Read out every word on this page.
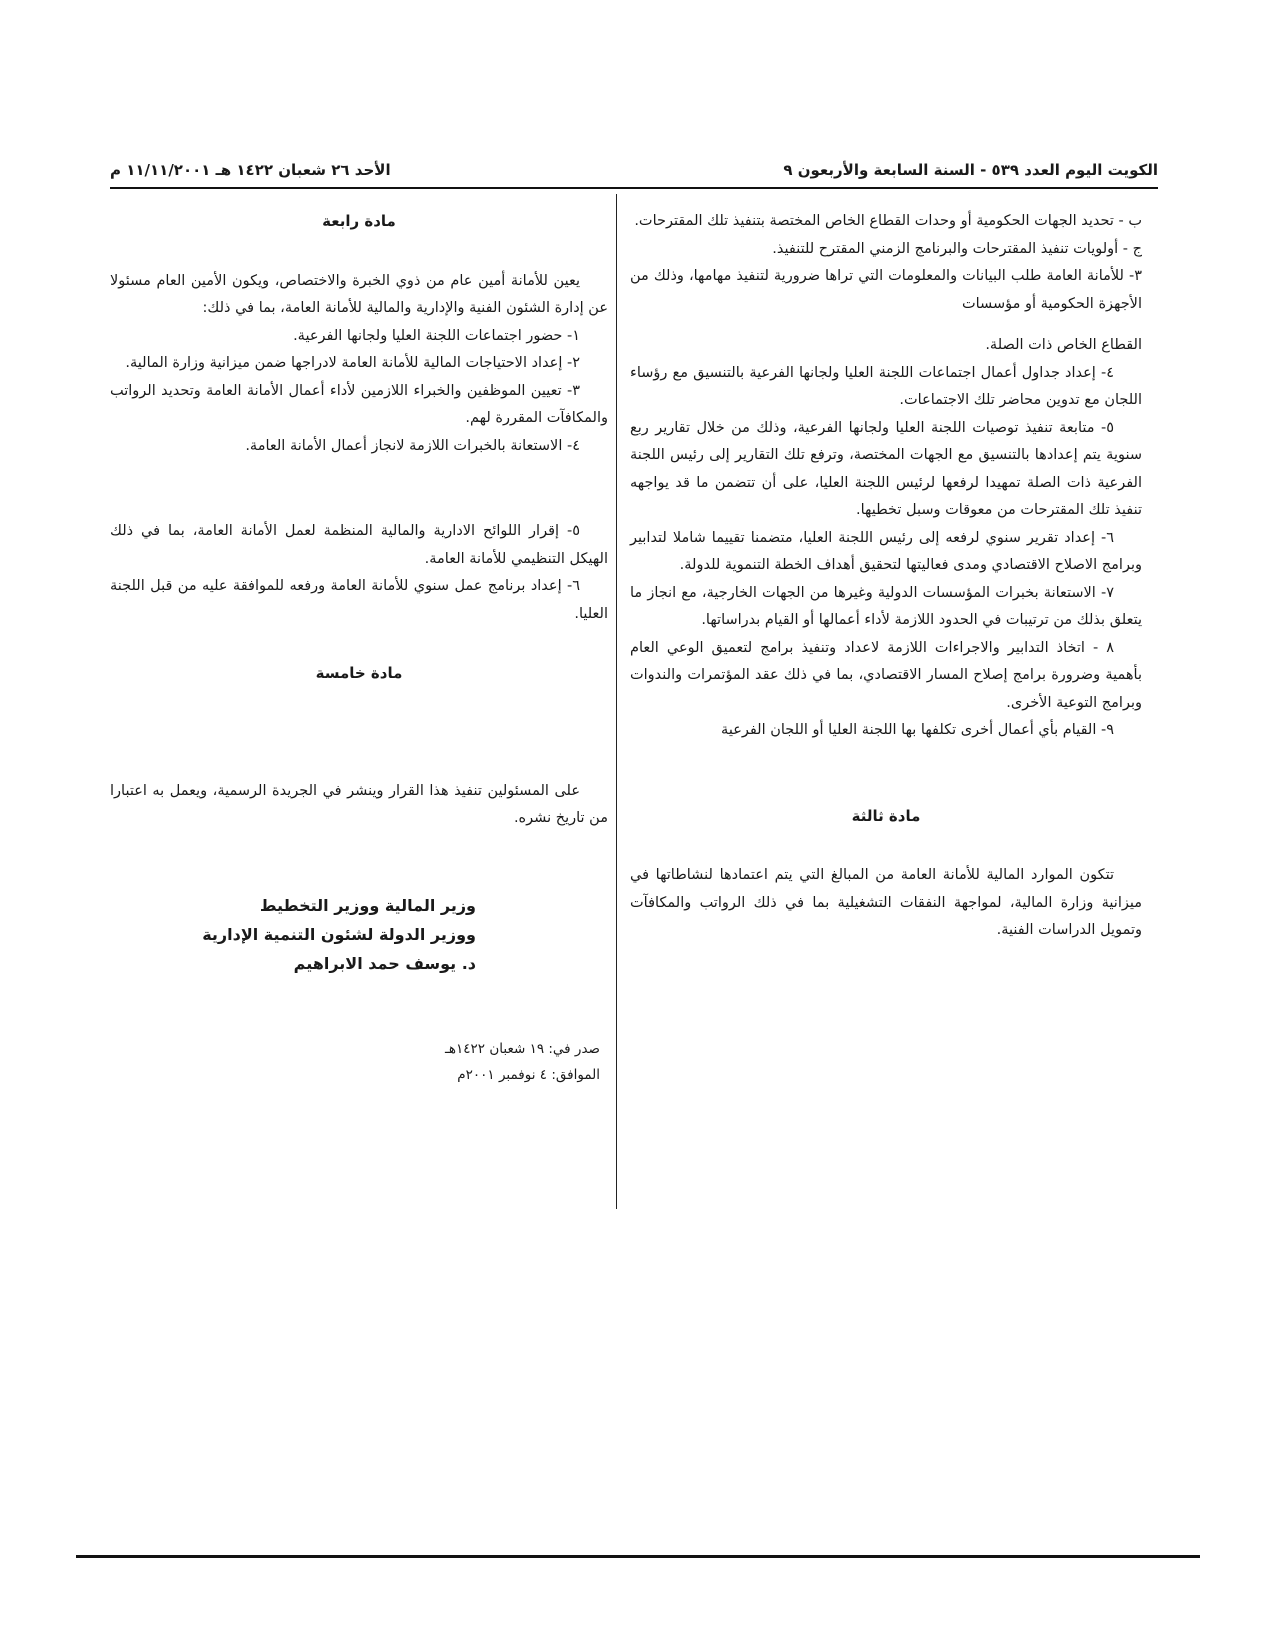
الكويت اليوم العدد ٥٣٩ - السنة السابعة والأربعون ٩
الأحد ٢٦ شعبان ١٤٢٢ هـ ١١/١١/٢٠٠١ م

ب - تحديد الجهات الحكومية أو وحدات القطاع الخاص المختصة بتنفيذ تلك المقترحات.

ج - أولويات تنفيذ المقترحات والبرنامج الزمني المقترح للتنفيذ.

٣- للأمانة العامة طلب البيانات والمعلومات التي تراها ضرورية لتنفيذ مهامها، وذلك من الأجهزة الحكومية أو مؤسسات

القطاع الخاص ذات الصلة.

٤- إعداد جداول أعمال اجتماعات اللجنة العليا ولجانها الفرعية بالتنسيق مع رؤساء اللجان مع تدوين محاضر تلك الاجتماعات.

٥- متابعة تنفيذ توصيات اللجنة العليا ولجانها الفرعية، وذلك من خلال تقارير ربع سنوية يتم إعدادها بالتنسيق مع الجهات المختصة، وترفع تلك التقارير إلى رئيس اللجنة الفرعية ذات الصلة تمهيدا لرفعها لرئيس اللجنة العليا، على أن تتضمن ما قد يواجهه تنفيذ تلك المقترحات من معوقات وسبل تخطيها.

٦- إعداد تقرير سنوي لرفعه إلى رئيس اللجنة العليا، متضمنا تقييما شاملا لتدابير وبرامج الاصلاح الاقتصادي ومدى فعاليتها لتحقيق أهداف الخطة التنموية للدولة.

٧- الاستعانة بخبرات المؤسسات الدولية وغيرها من الجهات الخارجية، مع انجاز ما يتعلق بذلك من ترتيبات في الحدود اللازمة لأداء أعمالها أو القيام بدراساتها.

٨ - اتخاذ التدابير والاجراءات اللازمة لاعداد وتنفيذ برامج لتعميق الوعي العام بأهمية وضرورة برامج إصلاح المسار الاقتصادي، بما في ذلك عقد المؤتمرات والندوات وبرامج التوعية الأخرى.

٩- القيام بأي أعمال أخرى تكلفها بها اللجنة العليا أو اللجان الفرعية

مادة ثالثة

تتكون الموارد المالية للأمانة العامة من المبالغ التي يتم اعتمادها لنشاطاتها في ميزانية وزارة المالية، لمواجهة النفقات التشغيلية بما في ذلك الرواتب والمكافآت وتمويل الدراسات الفنية.

مادة رابعة

يعين للأمانة أمين عام من ذوي الخبرة والاختصاص، ويكون الأمين العام مسئولا عن إدارة الشئون الفنية والإدارية والمالية للأمانة العامة، بما في ذلك:

١- حضور اجتماعات اللجنة العليا ولجانها الفرعية.

٢- إعداد الاحتياجات المالية للأمانة العامة لادراجها ضمن ميزانية وزارة المالية.

٣- تعيين الموظفين والخبراء اللازمين لأداء أعمال الأمانة العامة وتحديد الرواتب والمكافآت المقررة لهم.

٤- الاستعانة بالخبرات اللازمة لانجاز أعمال الأمانة العامة.

٥- إقرار اللوائح الادارية والمالية المنظمة لعمل الأمانة العامة، بما في ذلك الهيكل التنظيمي للأمانة العامة.

٦- إعداد برنامج عمل سنوي للأمانة العامة ورفعه للموافقة عليه من قبل اللجنة العليا.

مادة خامسة

على المسئولين تنفيذ هذا القرار وينشر في الجريدة الرسمية، ويعمل به اعتبارا من تاريخ نشره.

وزير المالية ووزير التخطيط
ووزير الدولة لشئون التنمية الإدارية
د. يوسف حمد الابراهيم
صدر في: ١٩ شعبان ١٤٢٢هـ
الموافق: ٤ نوفمبر ٢٠٠١م
